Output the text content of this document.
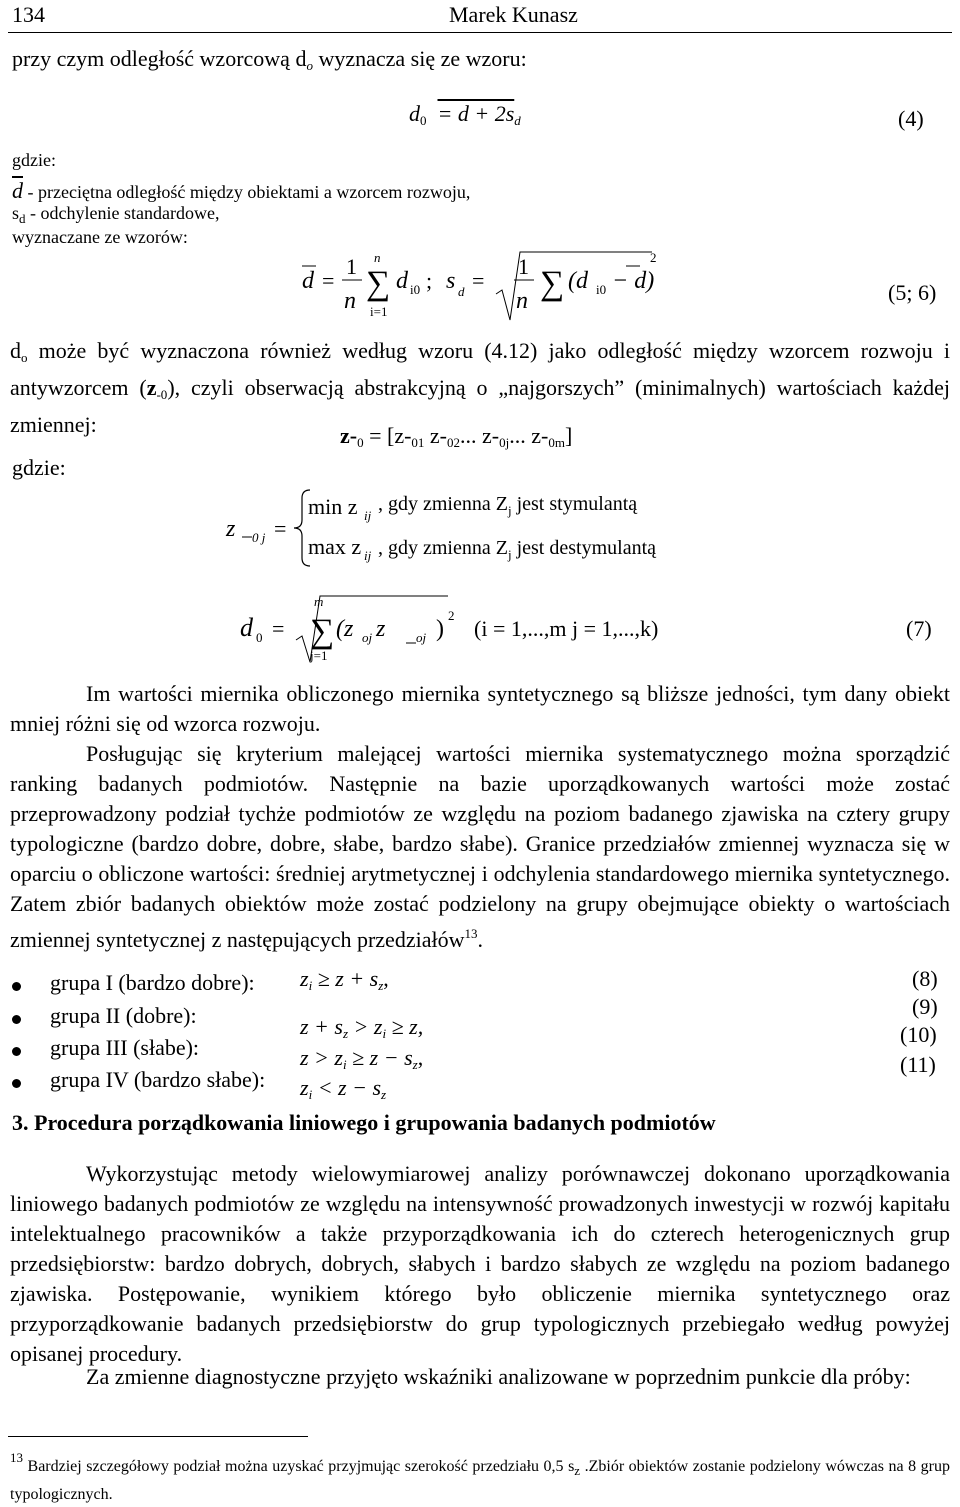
134	Marek Kunasz
przy czym odległość wzorcową $d_o$ wyznacza się ze wzoru:
$d_0 = d + 2s_d$	(4)
gdzie:
$\overline{d}$ - przeciętna odległość między obiektami a wzorcem rozwoju,
$s_d$ - odchylenie standardowe,
wyznaczane ze wzorów:
d =
1
n
n
∑
i=1
d i0 ; s d =
1
n ∑ (d i0 − d)
2
(5; 6)
$d_o$ może być wyznaczona również według wzoru (4.12) jako odległość między wzorcem rozwoju i antywzorcem $(z_{-0})$, czyli obserwacją abstrakcyjną o „najgorszych” (minimalnych) wartościach każdej zmiennej:	$z-_0 = [z-_{01}$ $z-_{02}$... $z-_{0j}$... $z-_{0m}$]
gdzie:
z 0 j =
min z ij
, gdy zmienna $Z_j$ jest stymulantą
max z ij , gdy zmienna $Z_j$ jest destymulantą
d 0 =
m
∑
j=1
(z oj z oj )
2
(i = 1,...,m j = 1,...,k)	(7)
Im wartości miernika obliczonego miernika syntetycznego są bliższe jedności, tym dany obiekt mniej różni się od wzorca rozwoju.
Posługując się kryterium malejącej wartości miernika systematycznego można sporządzić ranking badanych podmiotów. Następnie na bazie uporządkowanych wartości może zostać przeprowadzony podział tychże podmiotów ze względu na poziom badanego zjawiska na cztery grupy typologiczne (bardzo dobre, dobre, słabe, bardzo słabe). Granice przedziałów zmiennej wyznacza się w oparciu o obliczone wartości: średniej arytmetycznej i odchylenia standardowego miernika syntetycznego. Zatem zbiór badanych obiektów może zostać podzielony na grupy obejmujące obiekty o wartościach zmiennej syntetycznej z następujących przedziałów$^{13}$.
grupa I (bardzo dobre): $z_i \ge z + s_z$,	(8)
grupa II (dobre):	$z + s_z > z_i \ge z$,
(9)
grupa III (słabe):	$z > z_i \ge z - s_z$,
(10)
grupa IV (bardzo słabe): $z_i < z - s_z$
(11)
3. Procedura porządkowania liniowego i grupowania badanych podmiotów
Wykorzystując metody wielowymiarowej analizy porównawczej dokonano uporządkowania liniowego badanych podmiotów ze względu na intensywność prowadzonych inwestycji w rozwój kapitału intelektualnego pracowników a także przyporządkowania ich do czterech heterogenicznych grup przedsiębiorstw: bardzo dobrych, dobrych, słabych i bardzo słabych ze względu na poziom badanego zjawiska. Postępowanie, wynikiem którego było obliczenie miernika syntetycznego oraz przyporządkowanie badanych przedsiębiorstw do grup typologicznych przebiegało według powyżej opisanej procedury.
Za zmienne diagnostyczne przyjęto wskaźniki analizowane w poprzednim punkcie dla próby:
$^{13}$ Bardziej szczegółowy podział można uzyskać przyjmując szerokość przedziału 0,5 $s_z$ .Zbiór obiektów zostanie podzielony wówczas na 8 grup typologicznych.
